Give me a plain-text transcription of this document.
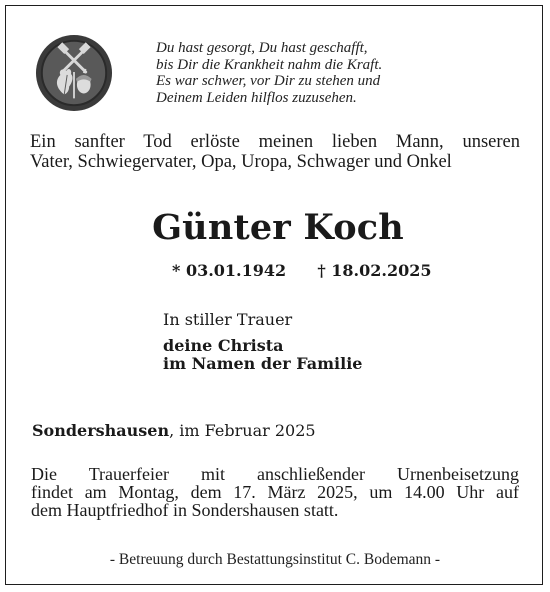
Du hast gesorgt, Du hast geschafft,
bis Dir die Krankheit nahm die Kraft.
Es war schwer, vor Dir zu stehen und
Deinem Leiden hilflos zuzusehen.
Ein sanfter Tod erlöste meinen lieben Mann, unseren
Vater, Schwiegervater, Opa, Uropa, Schwager und Onkel
Günter Koch
* 03.01.1942 † 18.02.2025
In stiller Trauer
deine Christa
im Namen der Familie
Sondershausen, im Februar 2025
Die Trauerfeier mit anschließender Urnenbeisetzung
findet am Montag, dem 17. März 2025, um 14.00 Uhr auf
dem Hauptfriedhof in Sondershausen statt.
- Betreuung durch Bestattungsinstitut C. Bodemann -
